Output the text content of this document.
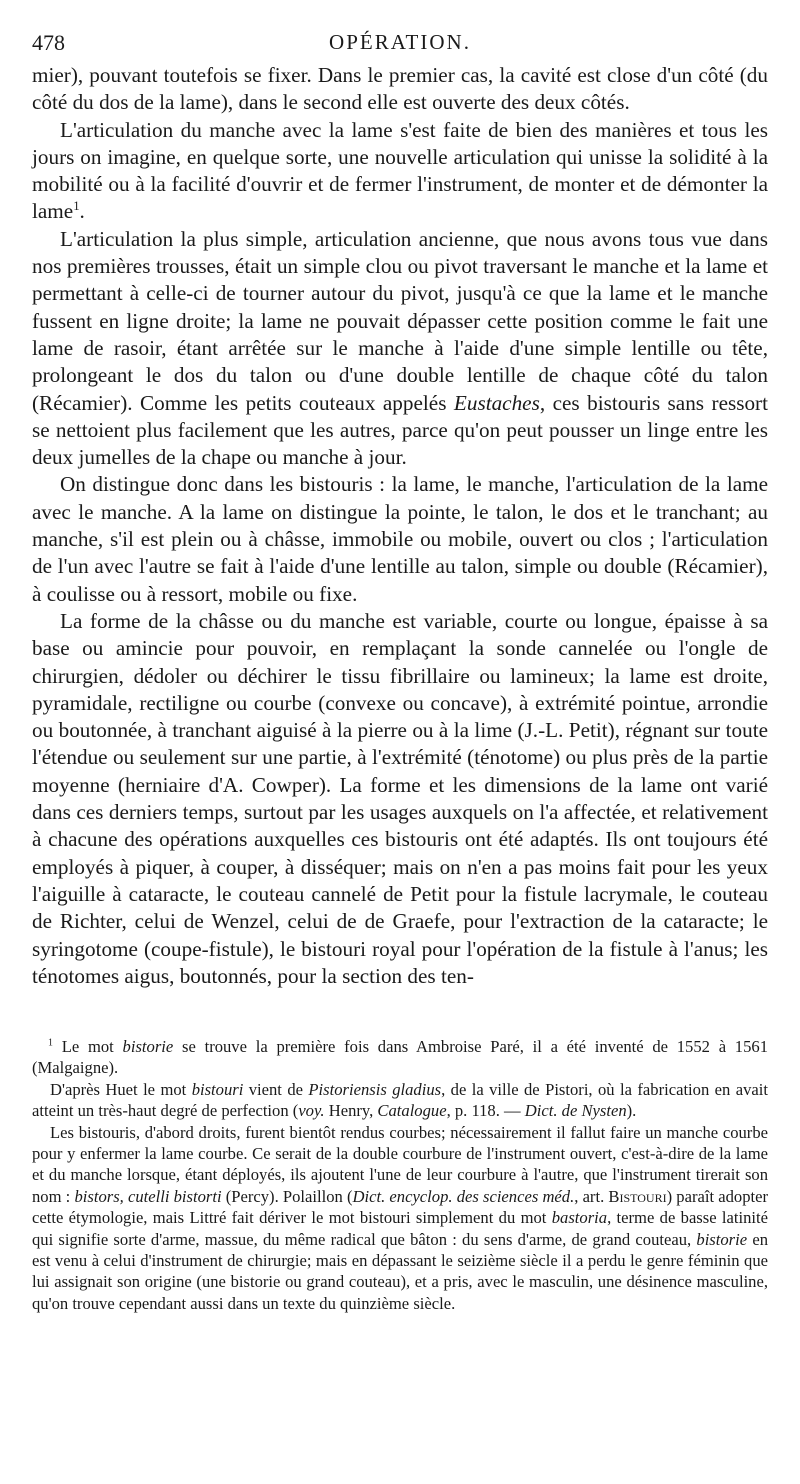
478	OPÉRATION.

mier), pouvant toutefois se fixer. Dans le premier cas, la cavité est close d'un côté (du côté du dos de la lame), dans le second elle est ouverte des deux côtés.

L'articulation du manche avec la lame s'est faite de bien des manières et tous les jours on imagine, en quelque sorte, une nouvelle articulation qui unisse la solidité à la mobilité ou à la facilité d'ouvrir et de fermer l'instrument, de monter et de démonter la lame$^1$.

L'articulation la plus simple, articulation ancienne, que nous avons tous vue dans nos premières trousses, était un simple clou ou pivot traversant le manche et la lame et permettant à celle-ci de tourner autour du pivot, jusqu'à ce que la lame et le manche fussent en ligne droite; la lame ne pouvait dépasser cette position comme le fait une lame de rasoir, étant arrêtée sur le manche à l'aide d'une simple lentille ou tête, prolongeant le dos du talon ou d'une double lentille de chaque côté du talon (Récamier). Comme les petits couteaux appelés Eustaches, ces bistouris sans ressort se nettoient plus facilement que les autres, parce qu'on peut pousser un linge entre les deux jumelles de la chape ou manche à jour.

On distingue donc dans les bistouris : la lame, le manche, l'articulation de la lame avec le manche. A la lame on distingue la pointe, le talon, le dos et le tranchant; au manche, s'il est plein ou à châsse, immobile ou mobile, ouvert ou clos ; l'articulation de l'un avec l'autre se fait à l'aide d'une lentille au talon, simple ou double (Récamier), à coulisse ou à ressort, mobile ou fixe.

La forme de la châsse ou du manche est variable, courte ou longue, épaisse à sa base ou amincie pour pouvoir, en remplaçant la sonde cannelée ou l'ongle de chirurgien, dédoler ou déchirer le tissu fibrillaire ou lamineux; la lame est droite, pyramidale, rectiligne ou courbe (convexe ou concave), à extrémité pointue, arrondie ou boutonnée, à tranchant aiguisé à la pierre ou à la lime (J.-L. Petit), régnant sur toute l'étendue ou seulement sur une partie, à l'extrémité (ténotome) ou plus près de la partie moyenne (herniaire d'A. Cowper). La forme et les dimensions de la lame ont varié dans ces derniers temps, surtout par les usages auxquels on l'a affectée, et relativement à chacune des opérations auxquelles ces bistouris ont été adaptés. Ils ont toujours été employés à piquer, à couper, à disséquer; mais on n'en a pas moins fait pour les yeux l'aiguille à cataracte, le couteau cannelé de Petit pour la fistule lacrymale, le couteau de Richter, celui de Wenzel, celui de de Graefe, pour l'extraction de la cataracte; le syringotome (coupe-fistule), le bistouri royal pour l'opération de la fistule à l'anus; les ténotomes aigus, boutonnés, pour la section des ten-

$^1$ Le mot bistorie se trouve la première fois dans Ambroise Paré, il a été inventé de 1552 à 1561 (Malgaigne).

D'après Huet le mot bistouri vient de Pistoriensis gladius, de la ville de Pistori, où la fabrication en avait atteint un très-haut degré de perfection (voy. Henry, Catalogue, p. 118. — Dict. de Nysten).

Les bistouris, d'abord droits, furent bientôt rendus courbes; nécessairement il fallut faire un manche courbe pour y enfermer la lame courbe. Ce serait de la double courbure de l'instrument ouvert, c'est-à-dire de la lame et du manche lorsque, étant déployés, ils ajoutent l'une de leur courbure à l'autre, que l'instrument tirerait son nom : bistors, cutelli bistorti (Percy). Polaillon (Dict. encyclop. des sciences méd., art. Bistouri) paraît adopter cette étymologie, mais Littré fait dériver le mot bistouri simplement du mot bastoria, terme de basse latinité qui signifie sorte d'arme, massue, du même radical que bâton : du sens d'arme, de grand couteau, bistorie en est venu à celui d'instrument de chirurgie; mais en dépassant le seizième siècle il a perdu le genre féminin que lui assignait son origine (une bistorie ou grand couteau), et a pris, avec le masculin, une désinence masculine, qu'on trouve cependant aussi dans un texte du quinzième siècle.
